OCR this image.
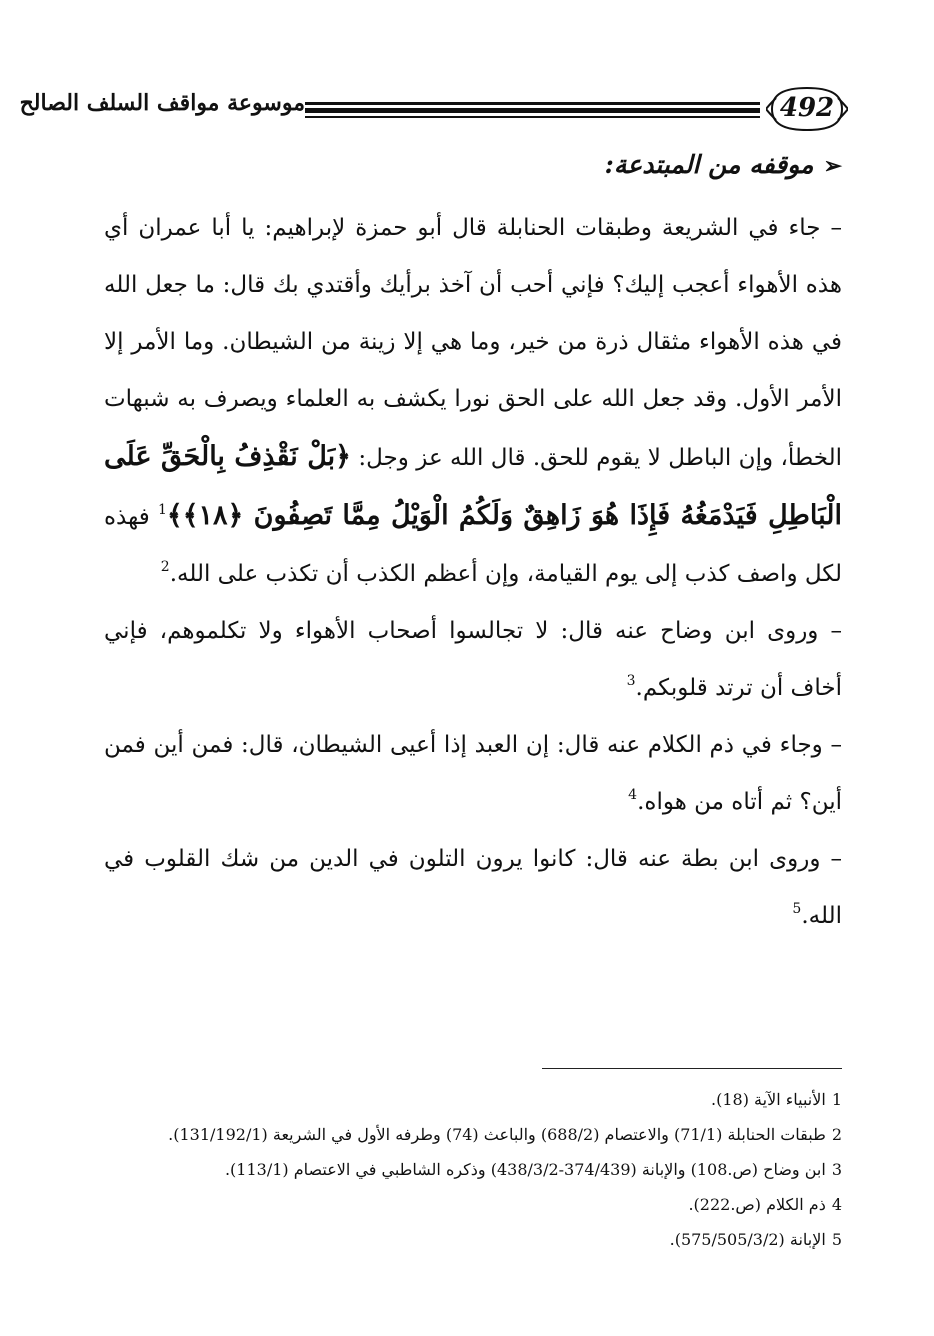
موسوعة مواقف السلف الصالح	492
➢موقفه من المبتدعة:

– جاء في الشريعة وطبقات الحنابلة قال أبو حمزة لإبراهيم: يا أبا عمران أي هذه الأهواء أعجب إليك؟ فإني أحب أن آخذ برأيك وأقتدي بك قال: ما جعل الله في هذه الأهواء مثقال ذرة من خير، وما هي إلا زينة من الشيطان. وما الأمر إلا الأمر الأول. وقد جعل الله على الحق نورا يكشف به العلماء ويصرف به شبهات الخطأ، وإن الباطل لا يقوم للحق. قال الله عز وجل: ﴿بَلْ نَقْذِفُ بِالْحَقِّ عَلَى الْبَاطِلِ فَيَدْمَغُهُ فَإِذَا هُوَ زَاهِقٌ وَلَكُمُ الْوَيْلُ مِمَّا تَصِفُونَ ﴿١٨﴾﴾$^1$ فهذه لكل واصف كذب إلى يوم القيامة، وإن أعظم الكذب أن تكذب على الله.$^2$

– وروى ابن وضاح عنه قال: لا تجالسوا أصحاب الأهواء ولا تكلموهم، فإني أخاف أن ترتد قلوبكم.$^3$

– وجاء في ذم الكلام عنه قال: إن العبد إذا أعيى الشيطان، قال: فمن أين فمن أين؟ ثم أتاه من هواه.$^4$

– وروى ابن بطة عنه قال: كانوا يرون التلون في الدين من شك القلوب في الله.$^5$

1الأنبياء الآية (18).
2طبقات الحنابلة (71/1) والاعتصام (688/2) والباعث (74) وطرفه الأول في الشريعة (131/192/1).
3ابن وضاح (ص.108) والإبانة (374/439-438/3/2) وذكره الشاطبي في الاعتصام (113/1).
4ذم الكلام (ص.222).
5الإبانة (575/505/3/2).
